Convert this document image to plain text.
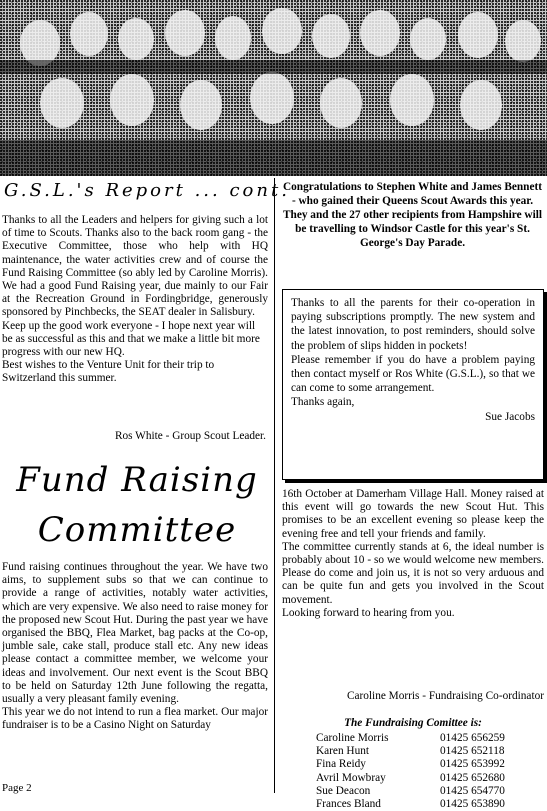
G.S.L.'s Report ... cont.

Thanks to all the Leaders and helpers for giving such a lot of time to Scouts. Thanks also to the back room gang - the Executive Committee, those who help with HQ maintenance, the water activities crew and of course the Fund Raising Committee (so ably led by Caroline Morris). We had a good Fund Raising year, due mainly to our Fair at the Recreation Ground in Fordingbridge, generously sponsored by Pinchbecks, the SEAT dealer in Salisbury.

Keep up the good work everyone - I hope next year will be as successful as this and that we make a little bit more progress with our new HQ.

Best wishes to the Venture Unit for their trip to Switzerland this summer.

Ros White - Group Scout Leader.
Congratulations to Stephen White and James Bennett - who gained their Queens Scout Awards this year. They and the 27 other recipients from Hampshire will be travelling to Windsor Castle for this year's St. George's Day Parade.

Thanks to all the parents for their co-operation in paying subscriptions promptly. The new system and the latest innovation, to post reminders, should solve the problem of slips hidden in pockets!

Please remember if you do have a problem paying then contact myself or Ros White (G.S.L.), so that we can come to some arrangement.

Thanks again,

Sue Jacobs

Fund Raising
Committee

Fund raising continues throughout the year. We have two aims, to supplement subs so that we can continue to provide a range of activities, notably water activities, which are very expensive. We also need to raise money for the proposed new Scout Hut. During the past year we have organised the BBQ, Flea Market, bag packs at the Co-op, jumble sale, cake stall, produce stall etc. Any new ideas please contact a committee member, we welcome your ideas and involvement. Our next event is the Scout BBQ to be held on Saturday 12th June following the regatta, usually a very pleasant family evening.

This year we do not intend to run a flea market. Our major fundraiser is to be a Casino Night on Saturday

16th October at Damerham Village Hall. Money raised at this event will go towards the new Scout Hut. This promises to be an excellent evening so please keep the evening free and tell your friends and family.

The committee currently stands at 6, the ideal number is probably about 10 - so we would welcome new members. Please do come and join us, it is not so very arduous and can be quite fun and gets you involved in the Scout movement.

Looking forward to hearing from you.

Caroline Morris - Fundraising Co-ordinator
The Fundraising Comittee is:
Caroline Morris	01425 656259
Karen Hunt	01425 652118
Fina Reidy	01425 653992
Avril Mowbray	01425 652680
Sue Deacon	01425 654770
Frances Bland	01425 653890
Page 2
